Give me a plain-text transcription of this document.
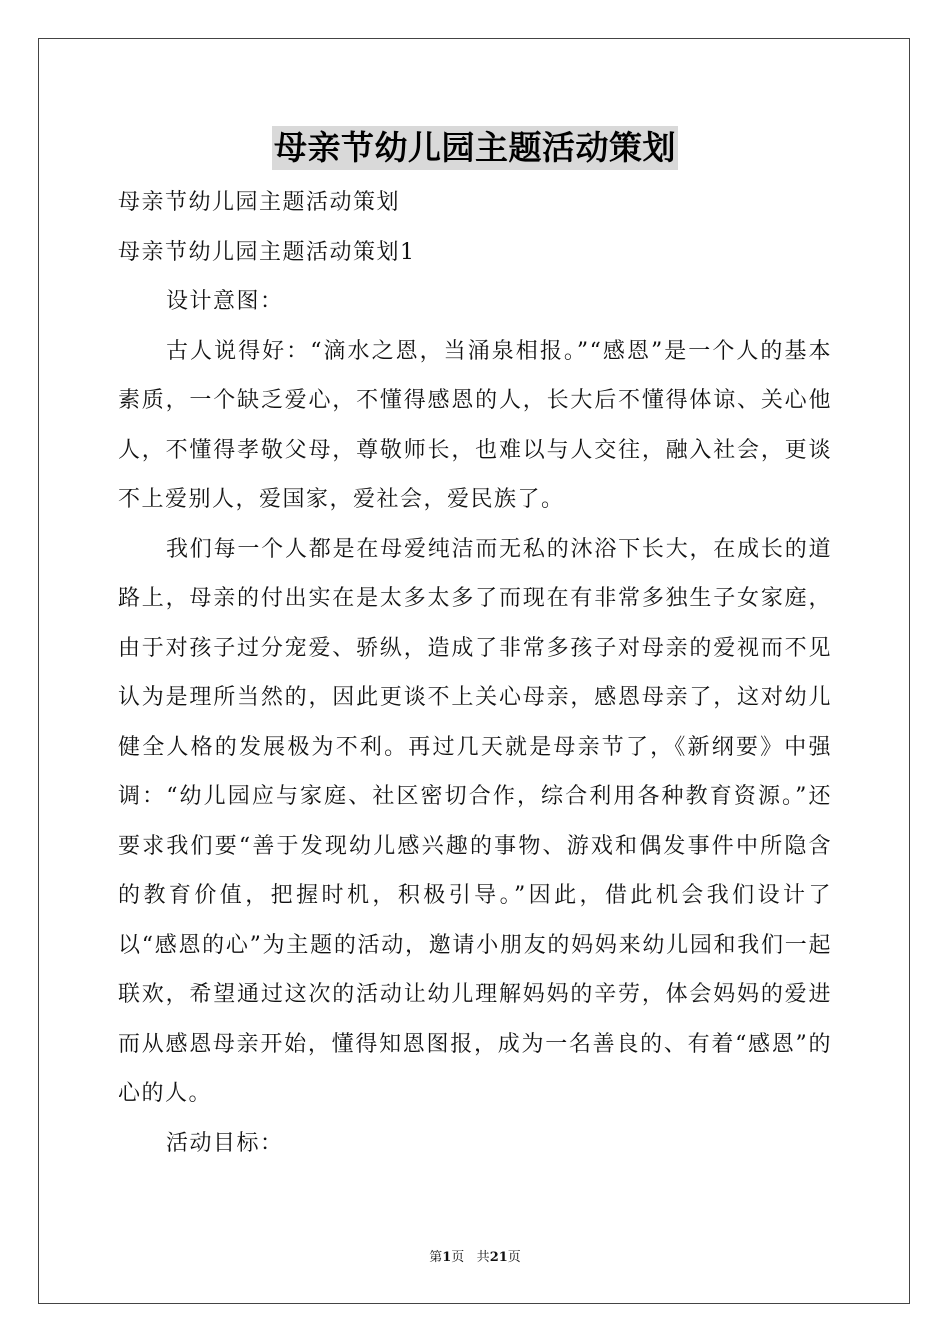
母亲节幼儿园主题活动策划

母亲节幼儿园主题活动策划

母亲节幼儿园主题活动策划1

设计意图：

古人说得好：“滴水之恩，当涌泉相报。”“感恩”是一个人的基本素质，一个缺乏爱心，不懂得感恩的人，长大后不懂得体谅、关心他人，不懂得孝敬父母，尊敬师长，也难以与人交往，融入社会，更谈不上爱别人，爱国家，爱社会，爱民族了。

我们每一个人都是在母爱纯洁而无私的沐浴下长大，在成长的道路上，母亲的付出实在是太多太多了而现在有非常多独生子女家庭，由于对孩子过分宠爱、骄纵，造成了非常多孩子对母亲的爱视而不见认为是理所当然的，因此更谈不上关心母亲，感恩母亲了，这对幼儿健全人格的发展极为不利。再过几天就是母亲节了，《新纲要》中强调：“幼儿园应与家庭、社区密切合作，综合利用各种教育资源。”还要求我们要“善于发现幼儿感兴趣的事物、游戏和偶发事件中所隐含的教育价值，把握时机，积极引导。”因此，借此机会我们设计了以“感恩的心”为主题的活动，邀请小朋友的妈妈来幼儿园和我们一起联欢，希望通过这次的活动让幼儿理解妈妈的辛劳，体会妈妈的爱进而从感恩母亲开始，懂得知恩图报，成为一名善良的、有着“感恩”的心的人。

活动目标：

第1页 共21页
